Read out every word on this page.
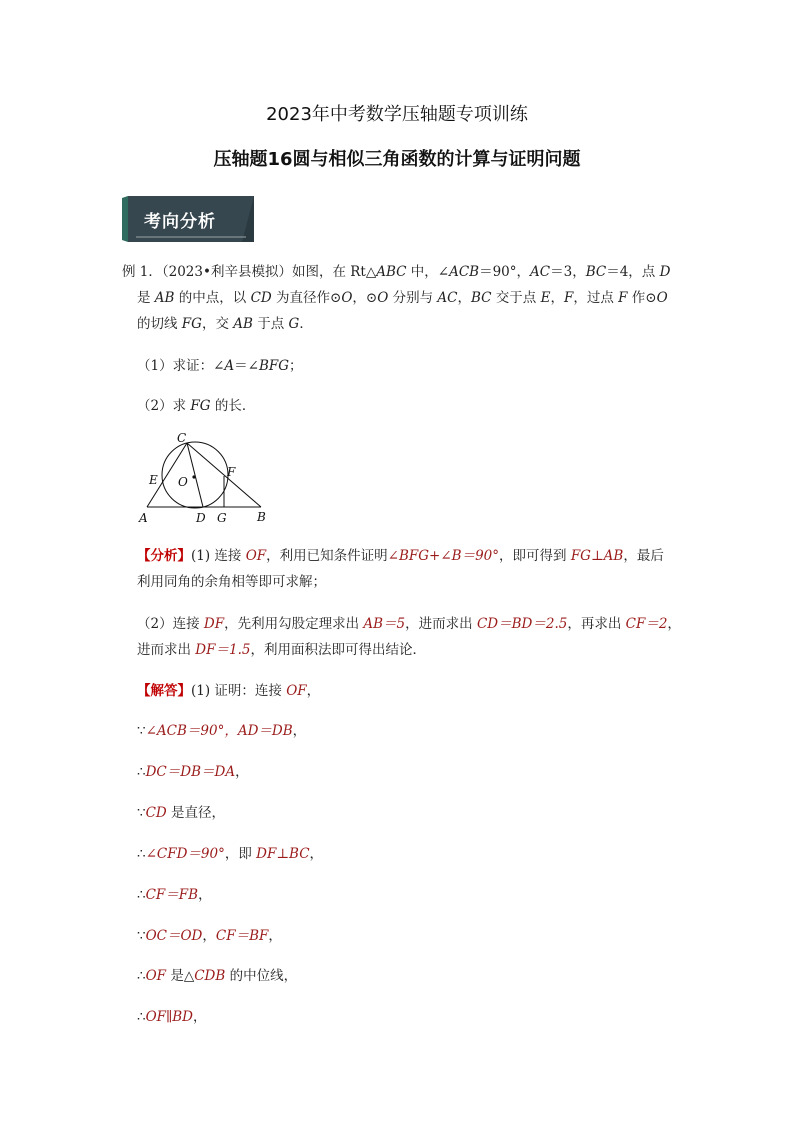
2023年中考数学压轴题专项训练
压轴题16圆与相似三角函数的计算与证明问题
考向分析
例 1．（2023•利辛县模拟）如图，在 Rt△ABC 中，∠ACB＝90°，AC＝3，BC＝4，点 D
是 AB 的中点，以 CD 为直径作⊙O，⊙O 分别与 AC，BC 交于点 E，F，过点 F 作⊙O
的切线 FG，交 AB 于点 G．
（1）求证：∠A＝∠BFG；
（2）求 FG 的长．
C
E O
F
A	D G	B
【分析】(1) 连接 OF，利用已知条件证明∠BFG+∠B＝90°，即可得到 FG⊥AB，最后
利用同角的余角相等即可求解；
（2）连接 DF，先利用勾股定理求出 AB＝5，进而求出 CD＝BD＝2.5，再求出 CF＝2，
进而求出 DF＝1.5，利用面积法即可得出结论．
【解答】(1) 证明：连接 OF，
∵∠ACB＝90°，AD＝DB，
∴DC＝DB＝DA，
∵CD 是直径，
∴∠CFD＝90°，即 DF⊥BC，
∴CF＝FB，
∵OC＝OD，CF＝BF，
∴OF 是△CDB 的中位线，
∴OF∥BD，
